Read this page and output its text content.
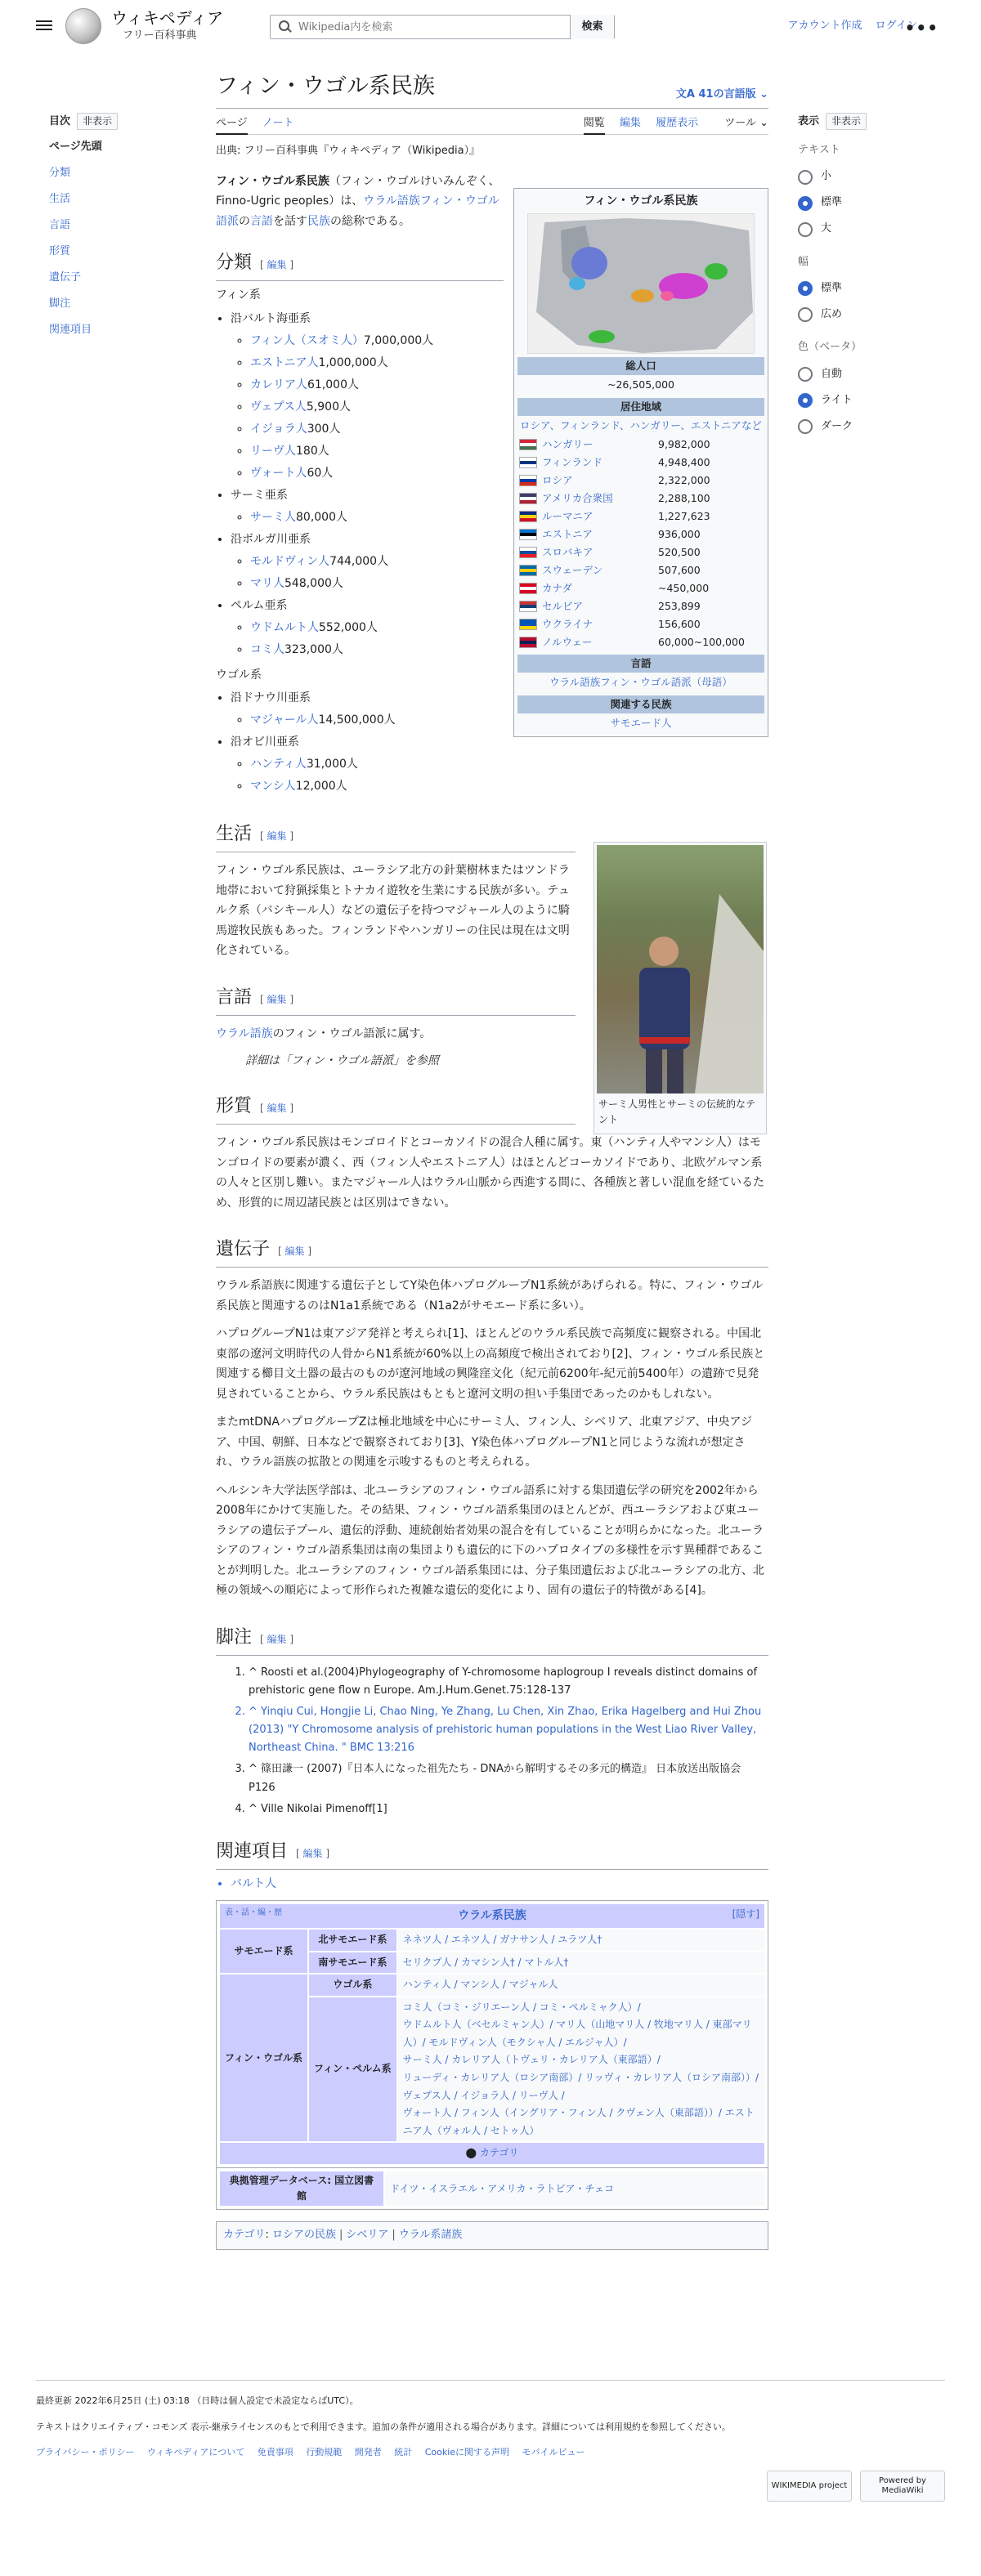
ウィキペディア
フリー百科事典
Wikipedia内を検索
検索	アカウント作成 ログイン
•••
目次 非表示
ページ先頭
分類
生活
言語
形質
遺伝子
脚注
関連項目
表示 非表示
テキスト
小
標準
大
幅
標準
広め
色（ベータ）
自動
ライト
ダーク
フィン・ウゴル系民族
総人口
~26,505,000
居住地域
ロシア、フィンランド、ハンガリー、エストニアなど
ハンガリー	9,982,000
フィンランド	4,948,400
ロシア	2,322,000
アメリカ合衆国	2,288,100
ルーマニア	1,227,623
エストニア	936,000
スロバキア	520,500
スウェーデン	507,600
カナダ	~450,000
セルビア	253,899
ウクライナ	156,600
ノルウェー	60,000~100,000
言語
ウラル語族フィン・ウゴル語派（母語）
関連する民族
サモエード人
サーミ人男性とサーミの伝統的なテント
フィン・ウゴル系民族	文A 41の言語版 ⌄
ページ ノート	閲覧 編集 履歴表示 ツール ⌄
出典: フリー百科事典『ウィキペディア（Wikipedia）』
フィン・ウゴル系民族（フィン・ウゴルけいみんぞく、Finno-Ugric peoples）は、ウラル語族フィン・ウゴル語派の言語を話す民族の総称である。
分類 [ 編集 ]
フィン系
• 沿バルト海亜系
◦ フィン人（スオミ人）7,000,000人
◦ エストニア人1,000,000人
◦ カレリア人61,000人
◦ ヴェプス人5,900人
◦ イジョラ人300人
◦ リーヴ人180人
◦ ヴォート人60人
• サーミ亜系
◦ サーミ人80,000人
• 沿ボルガ川亜系
◦ モルドヴィン人744,000人
◦ マリ人548,000人
• ペルム亜系
◦ ウドムルト人552,000人
◦ コミ人323,000人
ウゴル系
• 沿ドナウ川亜系
◦ マジャール人14,500,000人
• 沿オビ川亜系
◦ ハンティ人31,000人
◦ マンシ人12,000人
生活 [ 編集 ]
フィン・ウゴル系民族は、ユーラシア北方の針葉樹林またはツンドラ地帯において狩猟採集とトナカイ遊牧を生業にする民族が多い。テュルク系（バシキール人）などの遺伝子を持つマジャール人のように騎馬遊牧民族もあった。フィンランドやハンガリーの住民は現在は文明化されている。
言語 [ 編集 ]
ウラル語族のフィン・ウゴル語派に属す。
詳細は「フィン・ウゴル語派」を参照
形質 [ 編集 ]
フィン・ウゴル系民族はモンゴロイドとコーカソイドの混合人種に属す。東（ハンティ人やマンシ人）はモンゴロイドの要素が濃く、西（フィン人やエストニア人）はほとんどコーカソイドであり、北欧ゲルマン系の人々と区別し難い。またマジャール人はウラル山脈から西進する間に、各種族と著しい混血を経ているため、形質的に周辺諸民族とは区別はできない。
遺伝子 [ 編集 ]
ウラル系語族に関連する遺伝子としてY染色体ハプログループN1系統があげられる。特に、フィン・ウゴル系民族と関連するのはN1a1系統である（N1a2がサモエード系に多い）。
ハプログループN1は東アジア発祥と考えられ[1]、ほとんどのウラル系民族で高頻度に観察される。中国北東部の遼河文明時代の人骨からN1系統が60%以上の高頻度で検出されており[2]、フィン・ウゴル系民族と関連する櫛目文土器の最古のものが遼河地域の興隆窪文化（紀元前6200年-紀元前5400年）の遺跡で見発見されていることから、ウラル系民族はもともと遼河文明の担い手集団であったのかもしれない。
またmtDNAハプログループZは極北地域を中心にサーミ人、フィン人、シベリア、北東アジア、中央アジア、中国、朝鮮、日本などで観察されており[3]、Y染色体ハプログループN1と同じような流れが想定され、ウラル語族の拡散との関連を示唆するものと考えられる。
ヘルシンキ大学法医学部は、北ユーラシアのフィン・ウゴル語系に対する集団遺伝学の研究を2002年から2008年にかけて実施した。その結果、フィン・ウゴル語系集団のほとんどが、西ユーラシアおよび東ユーラシアの遺伝子プール、遺伝的浮動、連続創始者効果の混合を有していることが明らかになった。北ユーラシアのフィン・ウゴル語系集団は南の集団よりも遺伝的に下のハプロタイプの多様性を示す異種群であることが判明した。北ユーラシアのフィン・ウゴル語系集団には、分子集団遺伝および北ユーラシアの北方、北極の領域への順応によって形作られた複雑な遺伝的変化により、固有の遺伝子的特徴がある[4]。
脚注 [ 編集 ]
1. ^ Roosti et al.(2004)Phylogeography of Y-chromosome haplogroup I reveals distinct domains of prehistoric gene flow n Europe. Am.J.Hum.Genet.75:128-137
2. ^ Yinqiu Cui, Hongjie Li, Chao Ning, Ye Zhang, Lu Chen, Xin Zhao, Erika Hagelberg and Hui Zhou (2013) "Y Chromosome analysis of prehistoric human populations in the West Liao River Valley, Northeast China. " BMC 13:216
3. ^ 篠田謙一 (2007)『日本人になった祖先たち - DNAから解明するその多元的構造』 日本放送出版協会　P126
4. ^ Ville Nikolai Pimenoff[1]
関連項目 [ 編集 ]
• バルト人
表・話・編・歴 ウラル系民族 [隠す]		

サモエード系	北サモエード系	ネネツ人 / エネツ人 / ガナサン人 / ユラツ人†
	南サモエード系	セリクプ人 / カマシン人† / マトル人†
フィン・ウゴル系	ウゴル系	ハンティ人 / マンシ人 / マジャル人
	フィン・ペルム系	コミ人（コミ・ジリエーン人 / コミ・ペルミャク人）/
ウドムルト人（ベセルミャン人）/ マリ人（山地マリ人 / 牧地マリ人 / 東部マリ人）/ モルドヴィン人（モクシャ人 / エルジャ人）/
サーミ人 / カレリア人（トヴェリ・カレリア人（東部語）/
リューディ・カレリア人（ロシア南部）/ リッヴィ・カレリア人（ロシア南部））/ ヴェプス人 / イジョラ人 / リーヴ人 /
ヴォート人 / フィン人（イングリア・フィン人 / クヴェン人（東部語））/ エストニア人（ヴォル人 / セトゥ人）

⬤ カテゴリ		
典拠管理データベース: 国立図書館	ドイツ・イスラエル・アメリカ・ラトビア・チェコ
カテゴリ: ロシアの民族 | シベリア | ウラル系諸族
最終更新 2022年6月25日 (土) 03:18 （日時は個人設定で未設定ならばUTC）。
テキストはクリエイティブ・コモンズ 表示-継承ライセンスのもとで利用できます。追加の条件が適用される場合があります。詳細については利用規約を参照してください。
プライバシー・ポリシー ウィキペディアについて 免責事項 行動規範 開発者 統計 Cookieに関する声明 モバイルビュー
WIKIMEDIA project
Powered by MediaWiki
